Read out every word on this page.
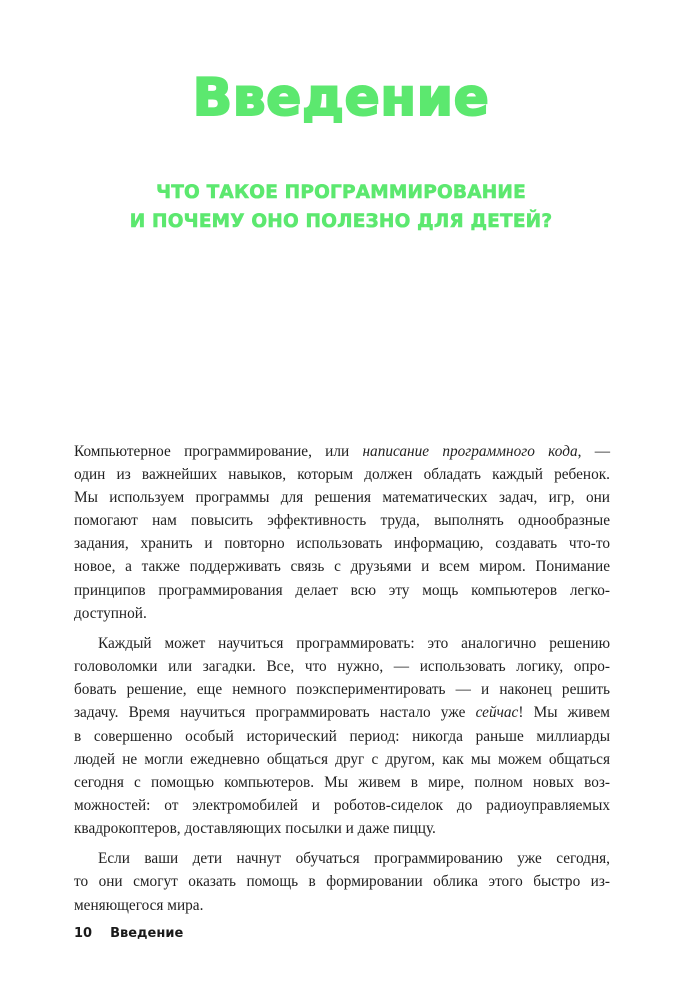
Введение
ЧТО ТАКОЕ ПРОГРАММИРОВАНИЕ
И ПОЧЕМУ ОНО ПОЛЕЗНО ДЛЯ ДЕТЕЙ?

Компьютерное программирование, или написание программного кода, —
один из важнейших навыков, которым должен обладать каждый ребенок.
Мы используем программы для решения математических задач, игр, они
помогают нам повысить эффективность труда, выполнять однообразные
задания, хранить и повторно использовать информацию, создавать что-то
новое, а также поддерживать связь с друзьями и всем миром. Понимание
принципов программирования делает всю эту мощь компьютеров легко-
доступной.

Каждый может научиться программировать: это аналогично решению
головоломки или загадки. Все, что нужно, — использовать логику, опро-
бовать решение, еще немного поэкспериментировать — и наконец решить
задачу. Время научиться программировать настало уже сейчас! Мы живем
в совершенно особый исторический период: никогда раньше миллиарды
людей не могли ежедневно общаться друг с другом, как мы можем общаться
сегодня с помощью компьютеров. Мы живем в мире, полном новых воз-
можностей: от электромобилей и роботов-сиделок до радиоуправляемых
квадрокоптеров, доставляющих посылки и даже пиццу.

Если ваши дети начнут обучаться программированию уже сегодня,
то они смогут оказать помощь в формировании облика этого быстро из-
меняющегося мира.

10 Введение
